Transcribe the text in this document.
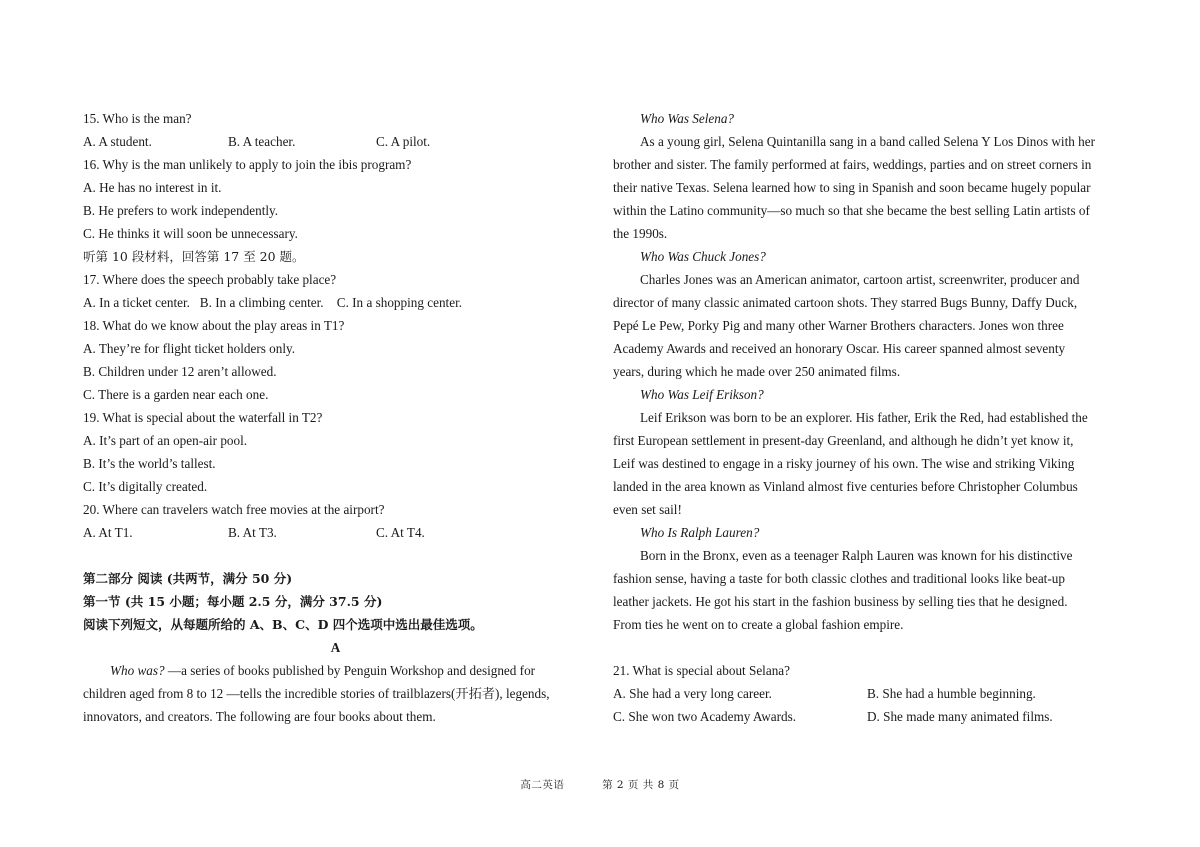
15. Who is the man?
A. A student.	B. A teacher.	C. A pilot.
16. Why is the man unlikely to apply to join the ibis program?
A. He has no interest in it.
B. He prefers to work independently.
C. He thinks it will soon be unnecessary.
听第 10 段材料，回答第 17 至 20 题。
17. Where does the speech probably take place?
A. In a ticket center.   B. In a climbing center.    C. In a shopping center.
18. What do we know about the play areas in T1?
A. They’re for flight ticket holders only.
B. Children under 12 aren’t allowed.
C. There is a garden near each one.
19. What is special about the waterfall in T2?
A. It’s part of an open-air pool.
B. It’s the world’s tallest.
C. It’s digitally created.
20. Where can travelers watch free movies at the airport?
A. At T1.	B. At T3.	C. At T4.
第二部分 阅读 (共两节，满分 50 分)
第一节 (共 15 小题；每小题 2.5 分，满分 37.5 分)
阅读下列短文，从每题所给的 A、B、C、D 四个选项中选出最佳选项。
A
Who was? —a series of books published by Penguin Workshop and designed for
children aged from 8 to 12 —tells the incredible stories of trailblazers(开拓者), legends,
innovators, and creators. The following are four books about them.
Who Was Selena?
As a young girl, Selena Quintanilla sang in a band called Selena Y Los Dinos with her
brother and sister. The family performed at fairs, weddings, parties and on street corners in
their native Texas. Selena learned how to sing in Spanish and soon became hugely popular
within the Latino community—so much so that she became the best selling Latin artists of
the 1990s.
Who Was Chuck Jones?
Charles Jones was an American animator, cartoon artist, screenwriter, producer and
director of many classic animated cartoon shots. They starred Bugs Bunny, Daffy Duck,
Pepé Le Pew, Porky Pig and many other Warner Brothers characters. Jones won three
Academy Awards and received an honorary Oscar. His career spanned almost seventy
years, during which he made over 250 animated films.
Who Was Leif Erikson?
Leif Erikson was born to be an explorer. His father, Erik the Red, had established the
first European settlement in present-day Greenland, and although he didn’t yet know it,
Leif was destined to engage in a risky journey of his own. The wise and striking Viking
landed in the area known as Vinland almost five centuries before Christopher Columbus
even set sail!
Who Is Ralph Lauren?
Born in the Bronx, even as a teenager Ralph Lauren was known for his distinctive
fashion sense, having a taste for both classic clothes and traditional looks like beat-up
leather jackets. He got his start in the fashion business by selling ties that he designed.
From ties he went on to create a global fashion empire.
21. What is special about Selana?
A. She had a very long career.	B. She had a humble beginning.
C. She won two Academy Awards.	D. She made many animated films.
高二英语	第 2 页 共 8 页
